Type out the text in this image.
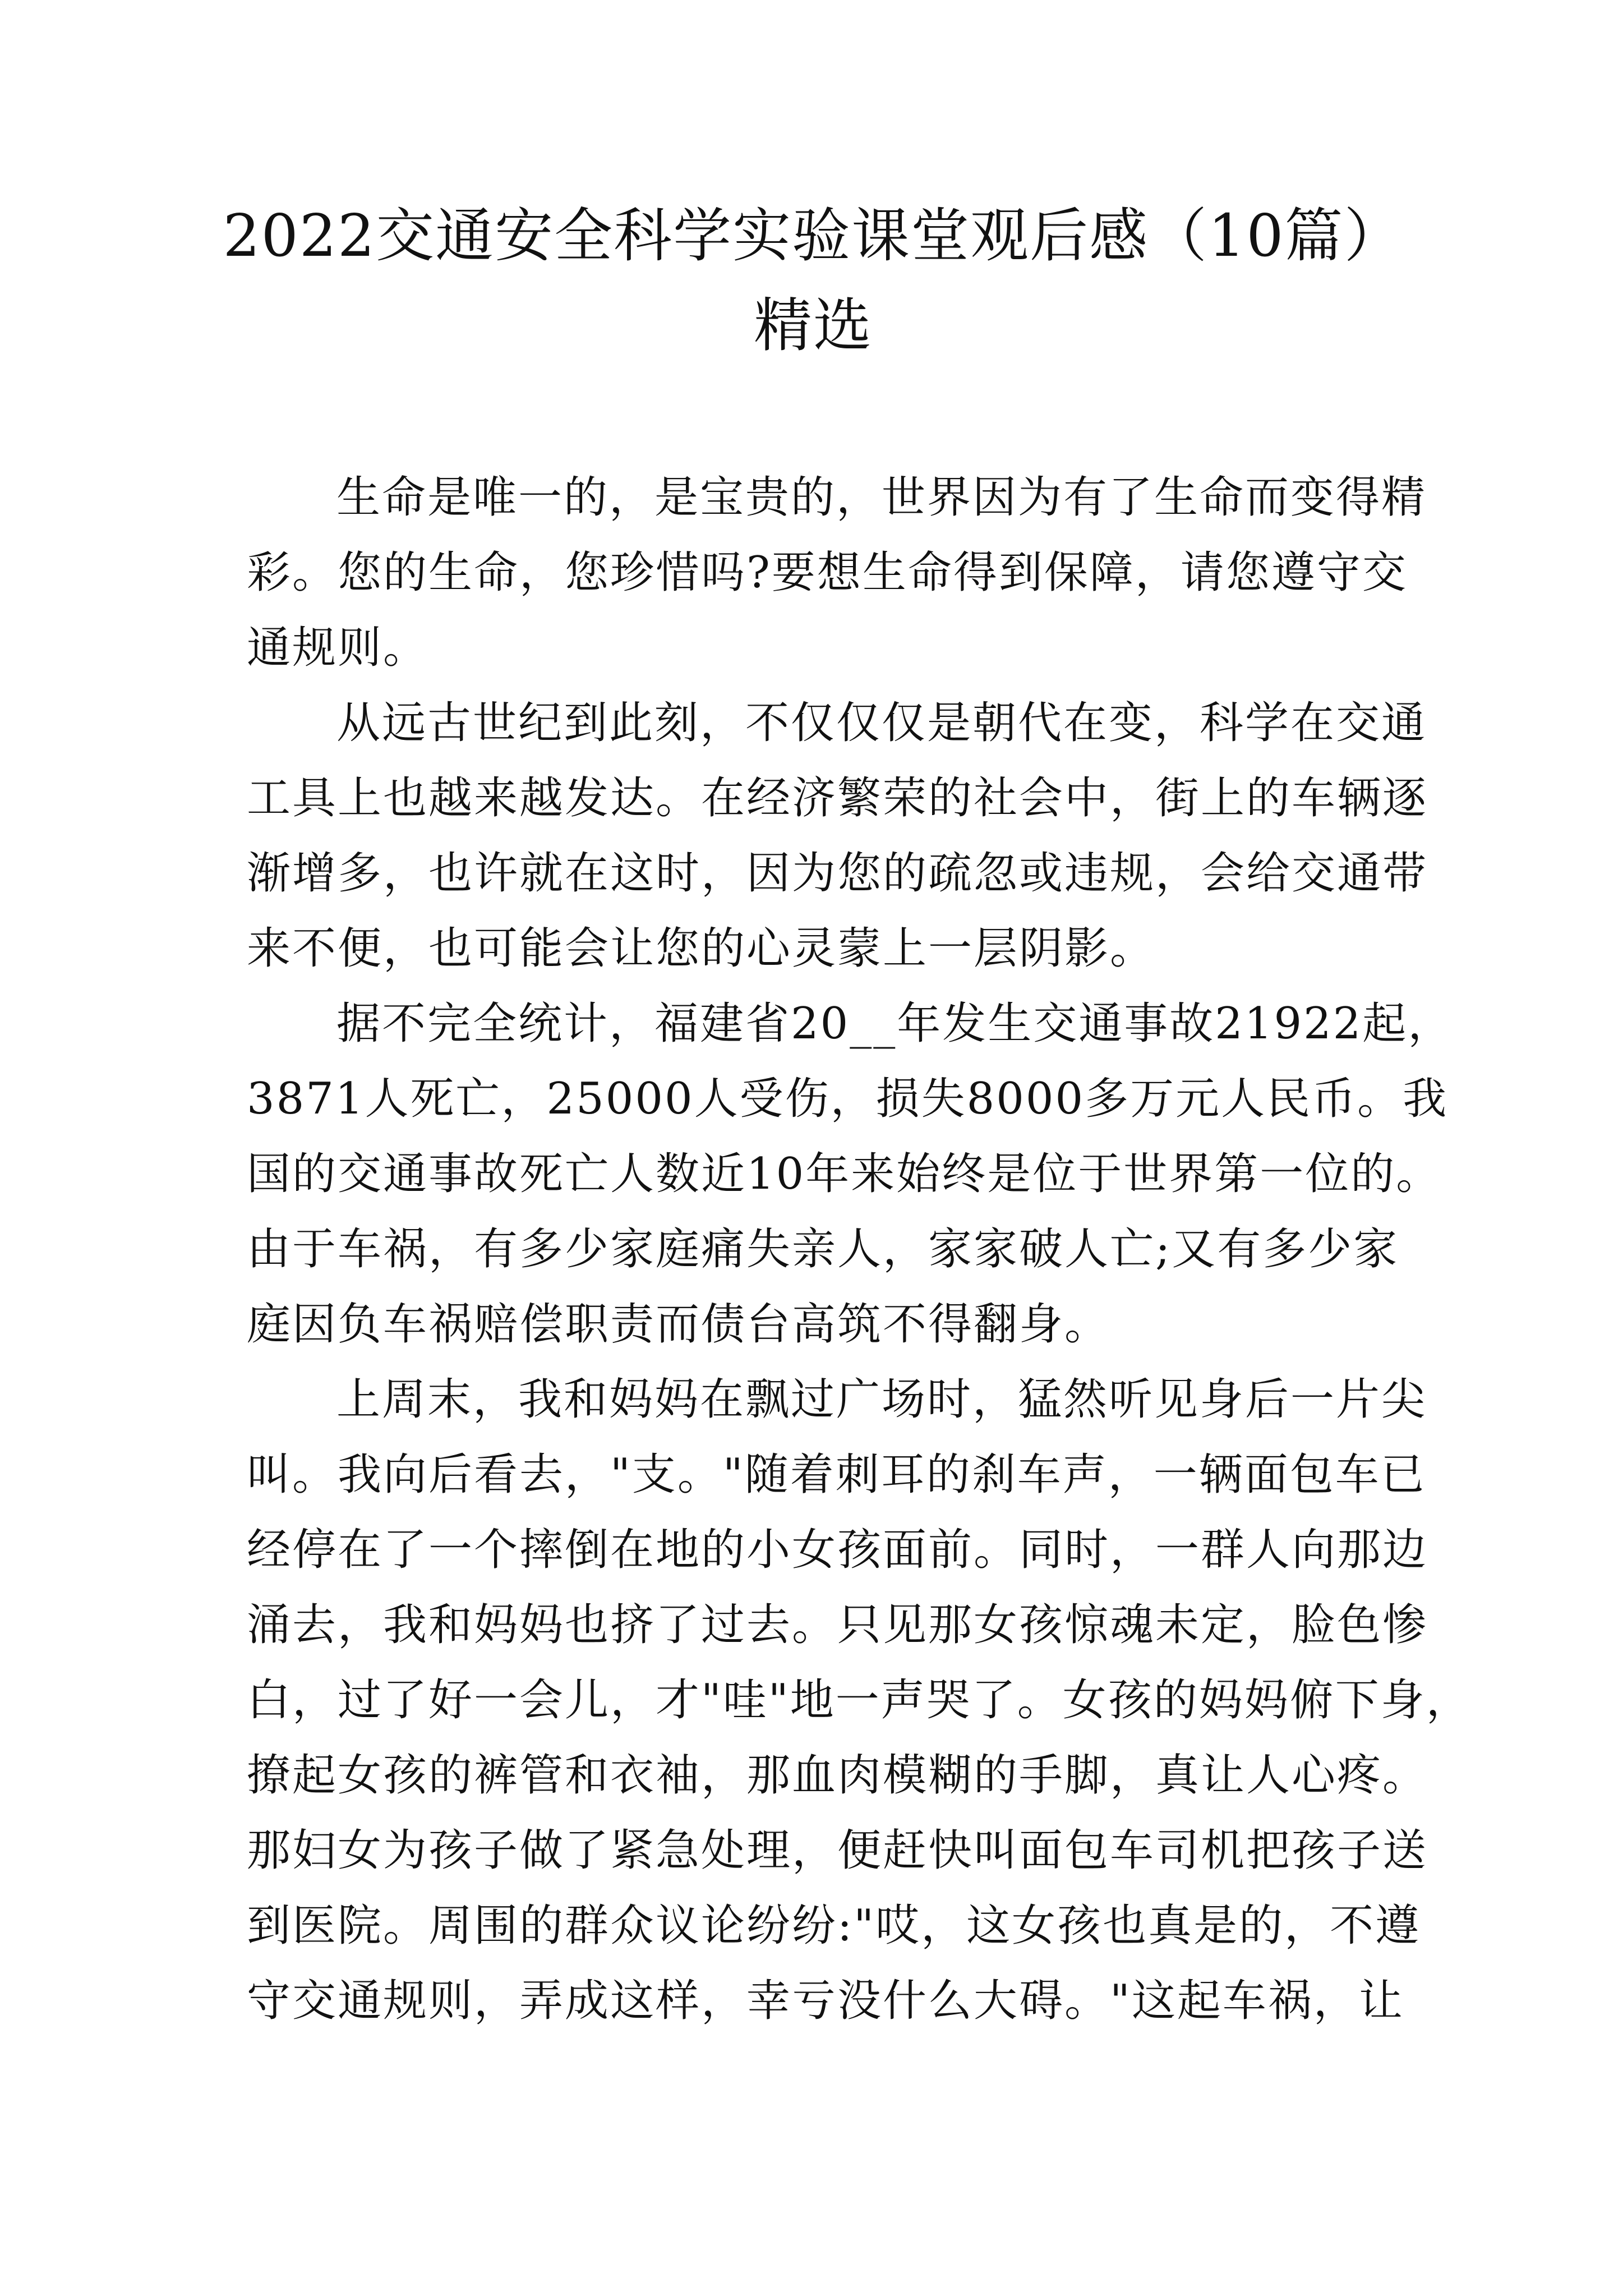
2022交通安全科学实验课堂观后感（10篇）
精选
生命是唯一的，是宝贵的，世界因为有了生命而变得精
彩。您的生命，您珍惜吗?要想生命得到保障，请您遵守交
通规则。
从远古世纪到此刻，不仅仅仅是朝代在变，科学在交通
工具上也越来越发达。在经济繁荣的社会中，街上的车辆逐
渐增多，也许就在这时，因为您的疏忽或违规，会给交通带
来不便，也可能会让您的心灵蒙上一层阴影。
据不完全统计，福建省20__年发生交通事故21922起，
3871人死亡，25000人受伤，损失8000多万元人民币。我
国的交通事故死亡人数近10年来始终是位于世界第一位的。
由于车祸，有多少家庭痛失亲人，家家破人亡;又有多少家
庭因负车祸赔偿职责而债台高筑不得翻身。
上周末，我和妈妈在飘过广场时，猛然听见身后一片尖
叫。我向后看去，"支。"随着刺耳的刹车声，一辆面包车已
经停在了一个摔倒在地的小女孩面前。同时，一群人向那边
涌去，我和妈妈也挤了过去。只见那女孩惊魂未定，脸色惨
白，过了好一会儿，才"哇"地一声哭了。女孩的妈妈俯下身，
撩起女孩的裤管和衣袖，那血肉模糊的手脚，真让人心疼。
那妇女为孩子做了紧急处理，便赶快叫面包车司机把孩子送
到医院。周围的群众议论纷纷:"哎，这女孩也真是的，不遵
守交通规则，弄成这样，幸亏没什么大碍。"这起车祸，让
